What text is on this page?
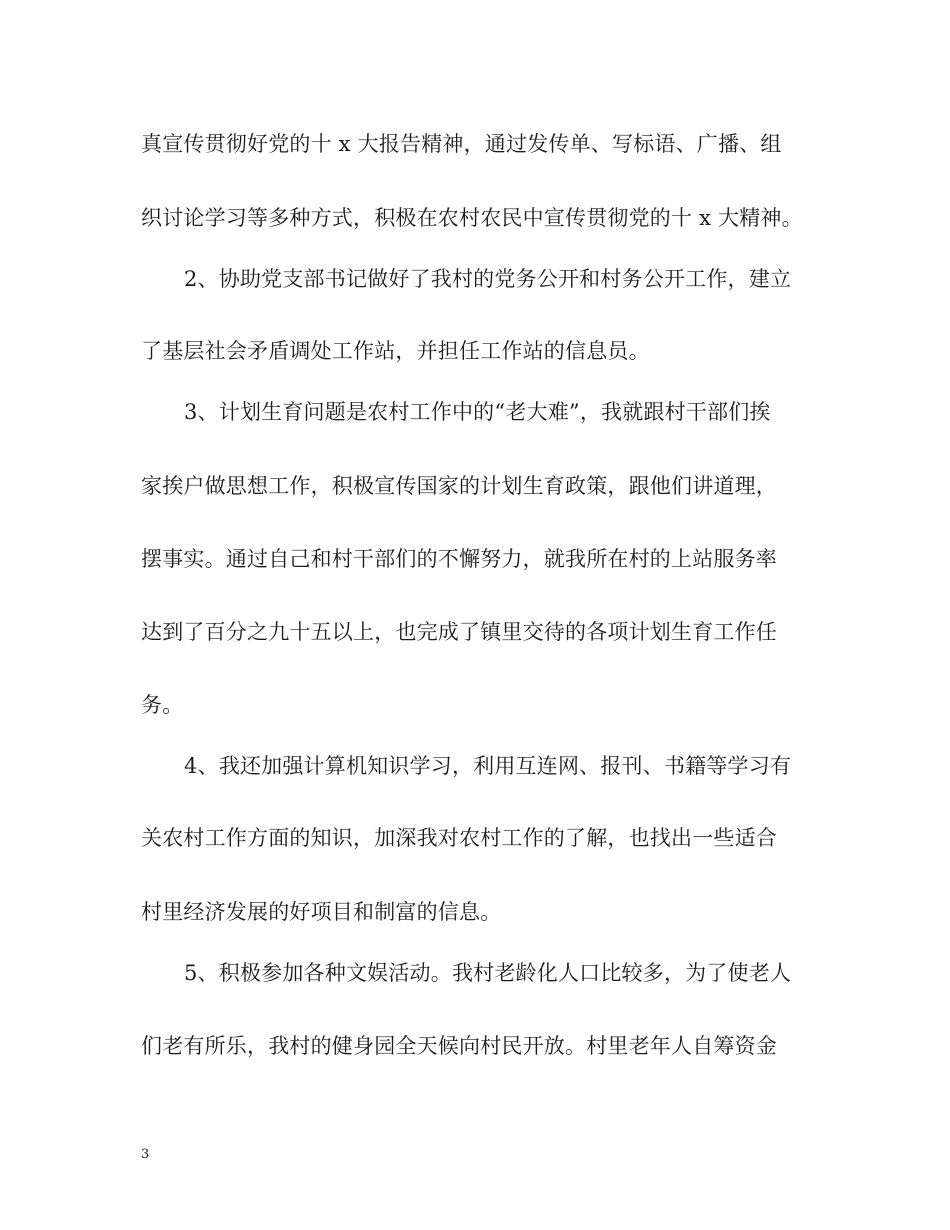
真宣传贯彻好党的十 x 大报告精神，通过发传单、写标语、广播、组
织讨论学习等多种方式，积极在农村农民中宣传贯彻党的十 x 大精神。
2、协助党支部书记做好了我村的党务公开和村务公开工作，建立
了基层社会矛盾调处工作站，并担任工作站的信息员。
3、计划生育问题是农村工作中的“老大难”，我就跟村干部们挨
家挨户做思想工作，积极宣传国家的计划生育政策，跟他们讲道理，
摆事实。通过自己和村干部们的不懈努力，就我所在村的上站服务率
达到了百分之九十五以上，也完成了镇里交待的各项计划生育工作任
务。
4、我还加强计算机知识学习，利用互连网、报刊、书籍等学习有
关农村工作方面的知识，加深我对农村工作的了解，也找出一些适合
村里经济发展的好项目和制富的信息。
5、积极参加各种文娱活动。我村老龄化人口比较多，为了使老人
们老有所乐，我村的健身园全天候向村民开放。村里老年人自筹资金
3
